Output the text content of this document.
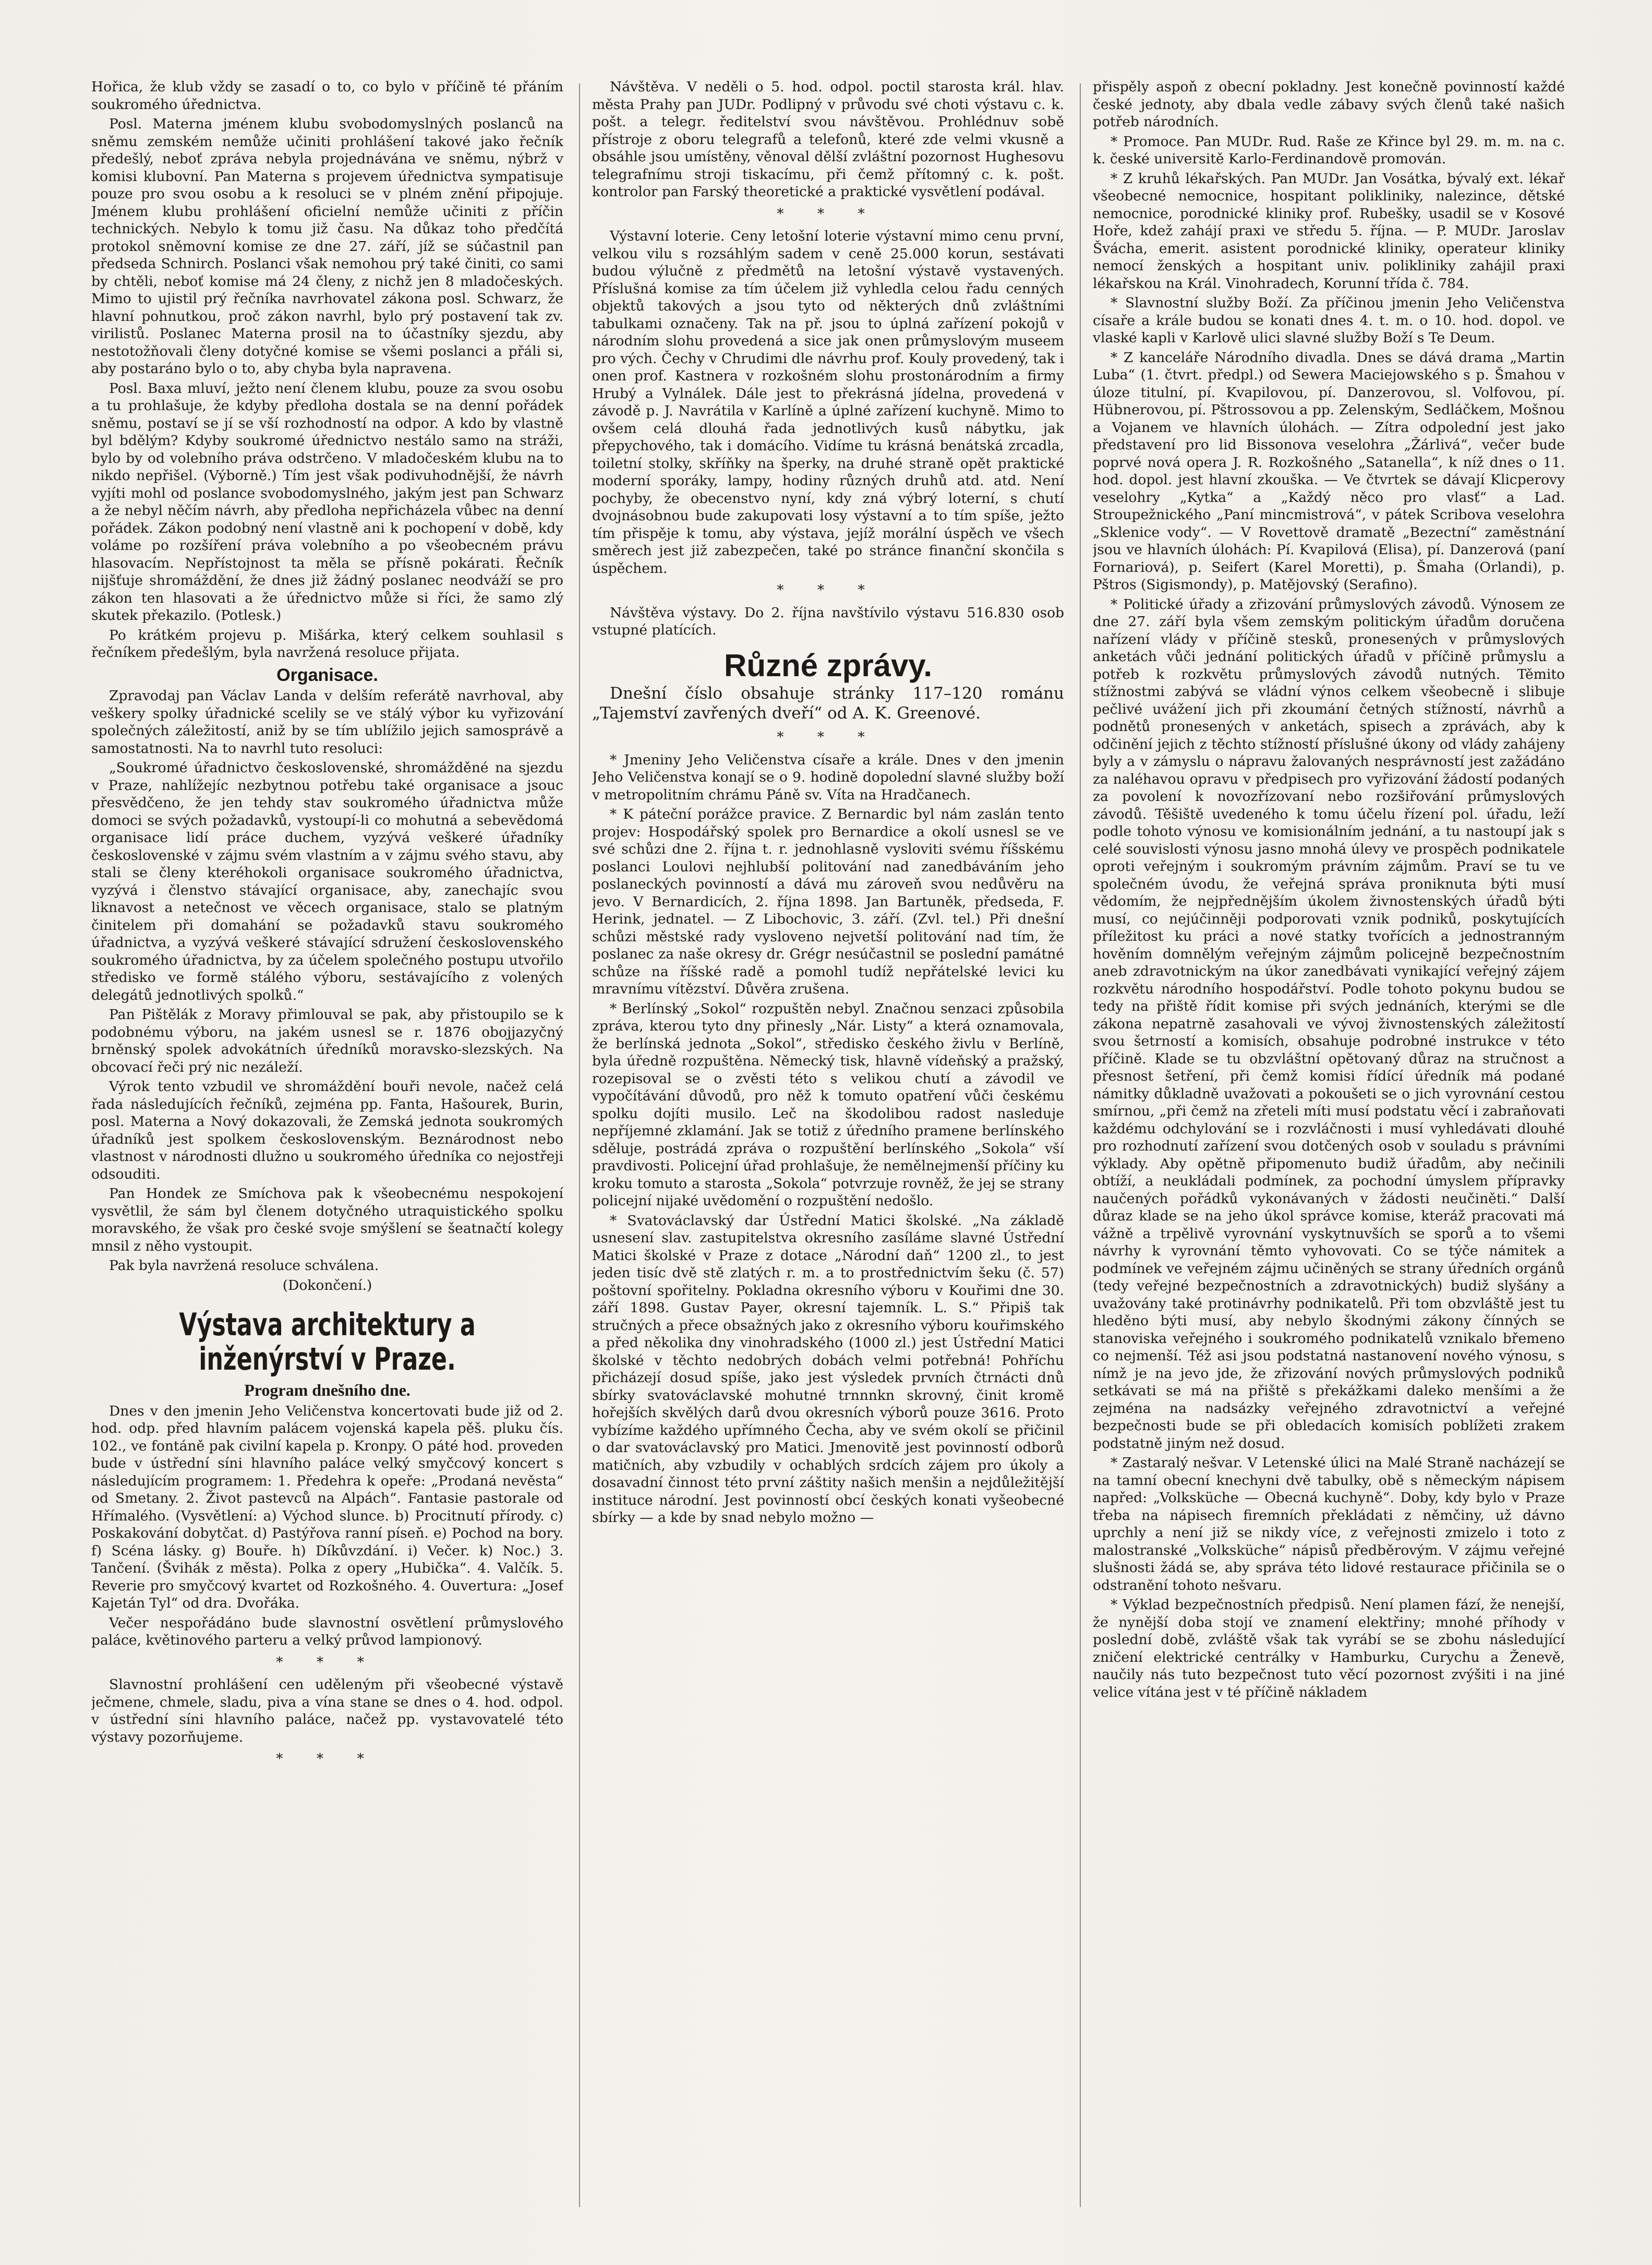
Hořica, že klub vždy se zasadí o to, co bylo v příčině té přáním soukromého úřednictva.

Posl. Materna jménem klubu svobodomyslných poslanců na sněmu zemském nemůže učiniti prohlášení takové jako řečník předešlý, neboť zpráva nebyla projednávána ve sněmu, nýbrž v komisi klubovní. Pan Materna s projevem úřednictva sympatisuje pouze pro svou osobu a k resoluci se v plném znění připojuje. Jménem klubu prohlášení oficielní nemůže učiniti z příčin technických. Nebylo k tomu již času. Na důkaz toho předčítá protokol sněmovní komise ze dne 27. září, jíž se súčastnil pan předseda Schnirch. Poslanci však nemohou prý také činiti, co sami by chtěli, neboť komise má 24 členy, z nichž jen 8 mladočeských. Mimo to ujistil prý řečníka navrhovatel zákona posl. Schwarz, že hlavní pohnutkou, proč zákon navrhl, bylo prý postavení tak zv. virilistů. Poslanec Materna prosil na to účastníky sjezdu, aby nestotožňovali členy dotyčné komise se všemi poslanci a přáli si, aby postaráno bylo o to, aby chyba byla napravena.

Posl. Baxa mluví, ježto není členem klubu, pouze za svou osobu a tu prohlašuje, že kdyby předloha dostala se na denní pořádek sněmu, postaví se jí se vší rozhodností na odpor. A kdo by vlastně byl bdělým? Kdyby soukromé úřednictvo nestálo samo na stráži, bylo by od volebního práva odstrčeno. V mladočeském klubu na to nikdo nepřišel. (Výborně.) Tím jest však podivuhodnější, že návrh vyjíti mohl od poslance svobodomyslného, jakým jest pan Schwarz a že nebyl něčím návrh, aby předloha nepřicházela vůbec na denní pořádek. Zákon podobný není vlastně ani k pochopení v době, kdy voláme po rozšíření práva volebního a po všeobecném právu hlasovacím. Nepřístojnost ta měla se přísně pokárati. Řečník nijšťuje shromáždění, že dnes již žádný poslanec neodváží se pro zákon ten hlasovati a že úřednictvo může si říci, že samo zlý skutek překazilo. (Potlesk.)

Po krátkém projevu p. Mišárka, který celkem souhlasil s řečníkem předešlým, byla navržená resoluce přijata.

Organisace.

Zpravodaj pan Václav Landa v delším referátě navrhoval, aby veškery spolky úřadnické scelily se ve stálý výbor ku vyřizování společných záležitostí, aniž by se tím ublížilo jejich samosprávě a samostatnosti. Na to navrhl tuto resoluci:

„Soukromé úřadnictvo československé, shromážděné na sjezdu v Praze, nahlížejíc nezbytnou potřebu také organisace a jsouc přesvědčeno, že jen tehdy stav soukromého úřadnictva může domoci se svých požadavků, vystoupí-li co mohutná a sebevědomá organisace lidí práce duchem, vyzývá veškeré úřadníky československé v zájmu svém vlastním a v zájmu svého stavu, aby stali se členy kteréhokoli organisace soukromého úřadnictva, vyzývá i členstvo stávající organisace, aby, zanechajíc svou liknavost a netečnost ve věcech organisace, stalo se platným činitelem při domahání se požadavků stavu soukromého úřadnictva, a vyzývá veškeré stávající sdružení československého soukromého úřadnictva, by za účelem společného postupu utvořilo středisko ve formě stálého výboru, sestávajícího z volených delegátů jednotlivých spolků.“

Pan Pištělák z Moravy přimlouval se pak, aby přistoupilo se k podobnému výboru, na jakém usnesl se r. 1876 obojjazyčný brněnský spolek advokátních úředníků moravsko-slezských. Na obcovací řeči prý nic nezáleží.

Výrok tento vzbudil ve shromáždění bouři nevole, načež celá řada následujících řečníků, zejména pp. Fanta, Hašourek, Burin, posl. Materna a Nový dokazovali, že Zemská jednota soukromých úřadníků jest spolkem československým. Beznárodnost nebo vlastnost v národnosti dlužno u soukromého úředníka co nejostřeji odsouditi.

Pan Hondek ze Smíchova pak k všeobecnému nespokojení vysvětlil, že sám byl členem dotyčného utraquistického spolku moravského, že však pro české svoje smýšlení se šeatnačtí kolegy mnsil z něho vystoupit.

Pak byla navržená resoluce schválena.

(Dokončení.)

Výstava architektury a inženýrství v Praze.
Program dnešního dne.

Dnes v den jmenin Jeho Veličenstva koncertovati bude již od 2. hod. odp. před hlavním palácem vojenská kapela pěš. pluku čís. 102., ve fontáně pak civilní kapela p. Kronpy. O páté hod. proveden bude v ústřední síni hlavního paláce velký smyčcový koncert s následujícím programem: 1. Předehra k opeře: „Prodaná nevěsta“ od Smetany. 2. Život pastevců na Alpách“. Fantasie pastorale od Hřímalého. (Vysvětlení: a) Východ slunce. b) Procitnutí přírody. c) Poskakování dobytčat. d) Pastýřova ranní píseň. e) Pochod na bory. f) Scéna lásky. g) Bouře. h) Díkůvzdání. i) Večer. k) Noc.) 3. Tančení. (Švihák z města). Polka z opery „Hubička“. 4. Valčík. 5. Reverie pro smyčcový kvartet od Rozkošného. 4. Ouvertura: „Josef Kajetán Tyl“ od dra. Dvořáka.

Večer nespořádáno bude slavnostní osvětlení průmyslového paláce, květinového parteru a velký průvod lampionový.

* * *

Slavnostní prohlášení cen uděleným při všeobecné výstavě ječmene, chmele, sladu, piva a vína stane se dnes o 4. hod. odpol. v ústřední síni hlavního paláce, načež pp. vystavovatelé této výstavy pozorňujeme.

* * *

Návštěva. V neděli o 5. hod. odpol. poctil starosta král. hlav. města Prahy pan JUDr. Podlipný v průvodu své choti výstavu c. k. pošt. a telegr. ředitelství svou návštěvou. Prohlédnuv sobě přístroje z oboru telegrafů a telefonů, které zde velmi vkusně a obsáhle jsou umístěny, věnoval dělší zvláštní pozornost Hughesovu telegrafnímu stroji tiskacímu, při čemž přítomný c. k. pošt. kontrolor pan Farský theoretické a praktické vysvětlení podával.

* * *

Výstavní loterie. Ceny letošní loterie výstavní mimo cenu první, velkou vilu s rozsáhlým sadem v ceně 25.000 korun, sestávati budou výlučně z předmětů na letošní výstavě vystavených. Příslušná komise za tím účelem již vyhledla celou řadu cenných objektů takových a jsou tyto od některých dnů zvláštními tabulkami označeny. Tak na př. jsou to úplná zařízení pokojů v národním slohu provedená a sice jak onen průmyslovým museem pro vých. Čechy v Chrudimi dle návrhu prof. Kouly provedený, tak i onen prof. Kastnera v rozkošném slohu prostonárodním a firmy Hrubý a Vylnálek. Dále jest to překrásná jídelna, provedená v závodě p. J. Navrátila v Karlíně a úplné zařízení kuchyně. Mimo to ovšem celá dlouhá řada jednotlivých kusů nábytku, jak přepychového, tak i domácího. Vidíme tu krásná benátská zrcadla, toiletní stolky, skříňky na šperky, na druhé straně opět praktické moderní sporáky, lampy, hodiny různých druhů atd. atd. Není pochyby, že obecenstvo nyní, kdy zná výbrý loterní, s chutí dvojnásobnou bude zakupovati losy výstavní a to tím spíše, ježto tím přispěje k tomu, aby výstava, jejíž morální úspěch ve všech směrech jest již zabezpečen, také po stránce finanční skončila s úspěchem.

* * *

Návštěva výstavy. Do 2. října navštívilo výstavu 516.830 osob vstupné platících.

Různé zprávy.

Dnešní číslo obsahuje stránky 117–120 románu „Tajemství zavřených dveří“ od A. K. Greenové.

* * *

* Jmeniny Jeho Veličenstva císaře a krále. Dnes v den jmenin Jeho Veličenstva konají se o 9. hodině dopolední slavné služby boží v metropolitním chrámu Páně sv. Víta na Hradčanech.

* K páteční porážce pravice. Z Bernardic byl nám zaslán tento projev: Hospodářský spolek pro Bernardice a okolí usnesl se ve své schůzi dne 2. října t. r. jednohlasně vysloviti svému říšskému poslanci Loulovi nejhlubší politování nad zanedbáváním jeho poslaneckých povinností a dává mu zároveň svou nedůvěru na jevo. V Bernardicích, 2. října 1898. Jan Bartuněk, předseda, F. Herink, jednatel. — Z Libochovic, 3. září. (Zvl. tel.) Při dnešní schůzi městské rady vysloveno nejvetší politování nad tím, že poslanec za naše okresy dr. Grégr nesúčastnil se poslední památné schůze na říšské radě a pomohl tudíž nepřátelské levici ku mravnímu vítězství. Důvěra zrušena.

* Berlínský „Sokol“ rozpuštěn nebyl. Značnou senzaci způsobila zpráva, kterou tyto dny přinesly „Nár. Listy“ a která oznamovala, že berlínská jednota „Sokol“, středisko českého živlu v Berlíně, byla úředně rozpuštěna. Německý tisk, hlavně vídeňský a pražský, rozepisoval se o zvěsti této s velikou chutí a závodil ve vypočítávání důvodů, pro něž k tomuto opatření vůči českému spolku dojíti musilo. Leč na škodolibou radost nasleduje nepříjemné zklamání. Jak se totiž z úředního pramene berlínského sděluje, postrádá zpráva o rozpuštění berlínského „Sokola“ vší pravdivosti. Policejní úřad prohlašuje, že nemělnejmenší příčiny ku kroku tomuto a starosta „Sokola“ potvrzuje rovněž, že jej se strany policejní nijaké uvědomění o rozpuštění nedošlo.

* Svatováclavský dar Ústřední Matici školské. „Na základě usnesení slav. zastupitelstva okresního zasíláme slavné Ústřední Matici školské v Praze z dotace „Národní daň“ 1200 zl., to jest jeden tisíc dvě stě zlatých r. m. a to prostřednictvím šeku (č. 57) poštovní spořitelny. Pokladna okresního výboru v Kouřimi dne 30. září 1898. Gustav Payer, okresní tajemník. L. S.“ Připiš tak stručných a přece obsažných jako z okresního výboru kouřimského a před několika dny vinohradského (1000 zl.) jest Ústřední Matici školské v těchto nedobrých dobách velmi potřebná! Pohříchu přicházejí dosud spíše, jako jest výsledek prvních čtrnácti dnů sbírky svatováclavské mohutné trnnnkn skrovný, činit kromě hořejších skvělých darů dvou okresních výborů pouze 3616. Proto vybízíme každého upřímného Čecha, aby ve svém okolí se přičinil o dar svatováclavský pro Matici. Jmenovitě jest povinností odborů matičních, aby vzbudily v ochablých srdcích zájem pro úkoly a dosavadní činnost této první záštity našich menšin a nejdůležitější instituce národní. Jest povinností obcí českých konati vyšeobecné sbírky — a kde by snad nebylo možno —

přispěly aspoň z obecní pokladny. Jest konečně povinností každé české jednoty, aby dbala vedle zábavy svých členů také našich potřeb národních.

* Promoce. Pan MUDr. Rud. Raše ze Křince byl 29. m. m. na c. k. české universitě Karlo-Ferdinandově promován.

* Z kruhů lékařských. Pan MUDr. Jan Vosátka, bývalý ext. lékař všeobecné nemocnice, hospitant polikliniky, nalezince, dětské nemocnice, porodnické kliniky prof. Rubešky, usadil se v Kosové Hoře, kdež zahájí praxi ve středu 5. října. — P. MUDr. Jaroslav Švácha, emerit. asistent porodnické kliniky, operateur kliniky nemocí ženských a hospitant univ. polikliniky zahájil praxi lékařskou na Král. Vinohradech, Korunní třída č. 784.

* Slavnostní služby Boží. Za příčinou jmenin Jeho Veličenstva císaře a krále budou se konati dnes 4. t. m. o 10. hod. dopol. ve vlaské kapli v Karlově ulici slavné služby Boží s Te Deum.

* Z kanceláře Národního divadla. Dnes se dává drama „Martin Luba“ (1. čtvrt. předpl.) od Sewera Maciejowského s p. Šmahou v úloze titulní, pí. Kvapilovou, pí. Danzerovou, sl. Volfovou, pí. Hübnerovou, pí. Pštrossovou a pp. Zelenským, Sedláčkem, Mošnou a Vojanem ve hlavních úlohách. — Zítra odpolední jest jako představení pro lid Bissonova veselohra „Žárlivá“, večer bude poprvé nová opera J. R. Rozkošného „Satanella“, k níž dnes o 11. hod. dopol. jest hlavní zkouška. — Ve čtvrtek se dávají Klicperovy veselohry „Kytka“ a „Každý něco pro vlasť“ a Lad. Stroupežnického „Paní mincmistrová“, v pátek Scribova veselohra „Sklenice vody“. — V Rovettově dramatě „Bezectní“ zaměstnání jsou ve hlavních úlohách: Pí. Kvapilová (Elisa), pí. Danzerová (paní Fornariová), p. Seifert (Karel Moretti), p. Šmaha (Orlandi), p. Pštros (Sigismondy), p. Matějovský (Serafino).

* Politické úřady a zřizování průmyslových závodů. Výnosem ze dne 27. září byla všem zemským politickým úřadům doručena nařízení vlády v příčině stesků, pronesených v průmyslových anketách vůči jednání politických úřadů v příčině průmyslu a potřeb k rozkvětu průmyslových závodů nutných. Těmito stížnostmi zabývá se vládní výnos celkem všeobecně i slibuje pečlivé uvážení jich při zkoumání četných stížností, návrhů a podnětů pronesených v anketách, spisech a zprávách, aby k odčinění jejich z těchto stížností příslušné úkony od vlády zahájeny byly a v zámyslu o nápravu žalovaných nesprávností jest zažádáno za naléhavou opravu v předpisech pro vyřizování žádostí podaných za povolení k novozřízovaní nebo rozšiřování průmyslových závodů. Těšiště uvedeného k tomu účelu řízení pol. úřadu, leží podle tohoto výnosu ve komisionálním jednání, a tu nastoupí jak s celé souvislosti výnosu jasno mnohá úlevy ve prospěch podnikatele oproti veřejným i soukromým právním zájmům. Praví se tu ve společném úvodu, že veřejná správa proniknuta býti musí vědomím, že nejpřednějším úkolem živnostenských úřadů býti musí, co nejúčinněji podporovati vznik podniků, poskytujících příležitost ku práci a nové statky tvořících a jednostranným hověním domnělým veřejným zájmům policejně bezpečnostním aneb zdravotnickým na úkor zanedbávati vynikající veřejný zájem rozkvětu národního hospodářství. Podle tohoto pokynu budou se tedy na přiště řídit komise při svých jednáních, kterými se dle zákona nepatrně zasahovali ve vývoj živnostenských záležitostí svou šetrností a komisích, obsahuje podrobné instrukce v této příčině. Klade se tu obzvláštní opětovaný důraz na stručnost a přesnost šetření, při čemž komisi řídící úředník má podané námitky důkladně uvažovati a pokoušeti se o jich vyrovnání cestou smírnou, „při čemž na zřeteli míti musí podstatu věcí i zabraňovati každému odchylování se i rozvláčnosti i musí vyhledávati dlouhé pro rozhodnutí zařízení svou dotčených osob v souladu s právními výklady. Aby opětně připomenuto budiž úřadům, aby nečinili obtíží, a neukládali podmínek, za pochodní úmyslem přípravky naučených pořádků vykonávaných v žádosti neučiněti.“ Další důraz klade se na jeho úkol správce komise, kteráž pracovati má vážně a trpělivě vyrovnání vyskytnuvších se sporů a to všemi návrhy k vyrovnání těmto vyhovovati. Co se týče námitek a podmínek ve veřejném zájmu učiněných se strany úředních orgánů (tedy veřejné bezpečnostních a zdravotnických) budiž slyšány a uvažovány také protinávrhy podnikatelů. Při tom obzvláště jest tu hleděno býti musí, aby nebylo škodnými zákony čínných se stanoviska veřejného i soukromého podnikatelů vznikalo břemeno co nejmenší. Též asi jsou podstatná nastanovení nového výnosu, s nímž je na jevo jde, že zřizování nových průmyslových podniků setkávati se má na přiště s překážkami daleko menšími a že zejména na nadsázky veřejného zdravotnictví a veřejné bezpečnosti bude se při obledacích komisích poblížeti zrakem podstatně jiným než dosud.

* Zastaralý nešvar. V Letenské úlici na Malé Straně nacházejí se na tamní obecní knechyni dvě tabulky, obě s německým nápisem napřed: „Volksküche — Obecná kuchyně“. Doby, kdy bylo v Praze třeba na nápisech firemních překládati z němčiny, už dávno uprchly a není již se nikdy více, z veřejnosti zmizelo i toto z malostranské „Volksküche“ nápisů předběrovým. V zájmu veřejné slušnosti žádá se, aby správa této lidové restaurace přičinila se o odstranění tohoto nešvaru.

* Výklad bezpečnostních předpisů. Není plamen fází, že nenejší, že nynější doba stojí ve znamení elektřiny; mnohé příhody v poslední době, zvláště však tak vyrábí se se zbohu následující zničení elektrické centrálky v Hamburku, Curychu a Ženevě, naučily nás tuto bezpečnost tuto věcí pozornost zvýšiti i na jiné velice vítána jest v té příčině nákladem
